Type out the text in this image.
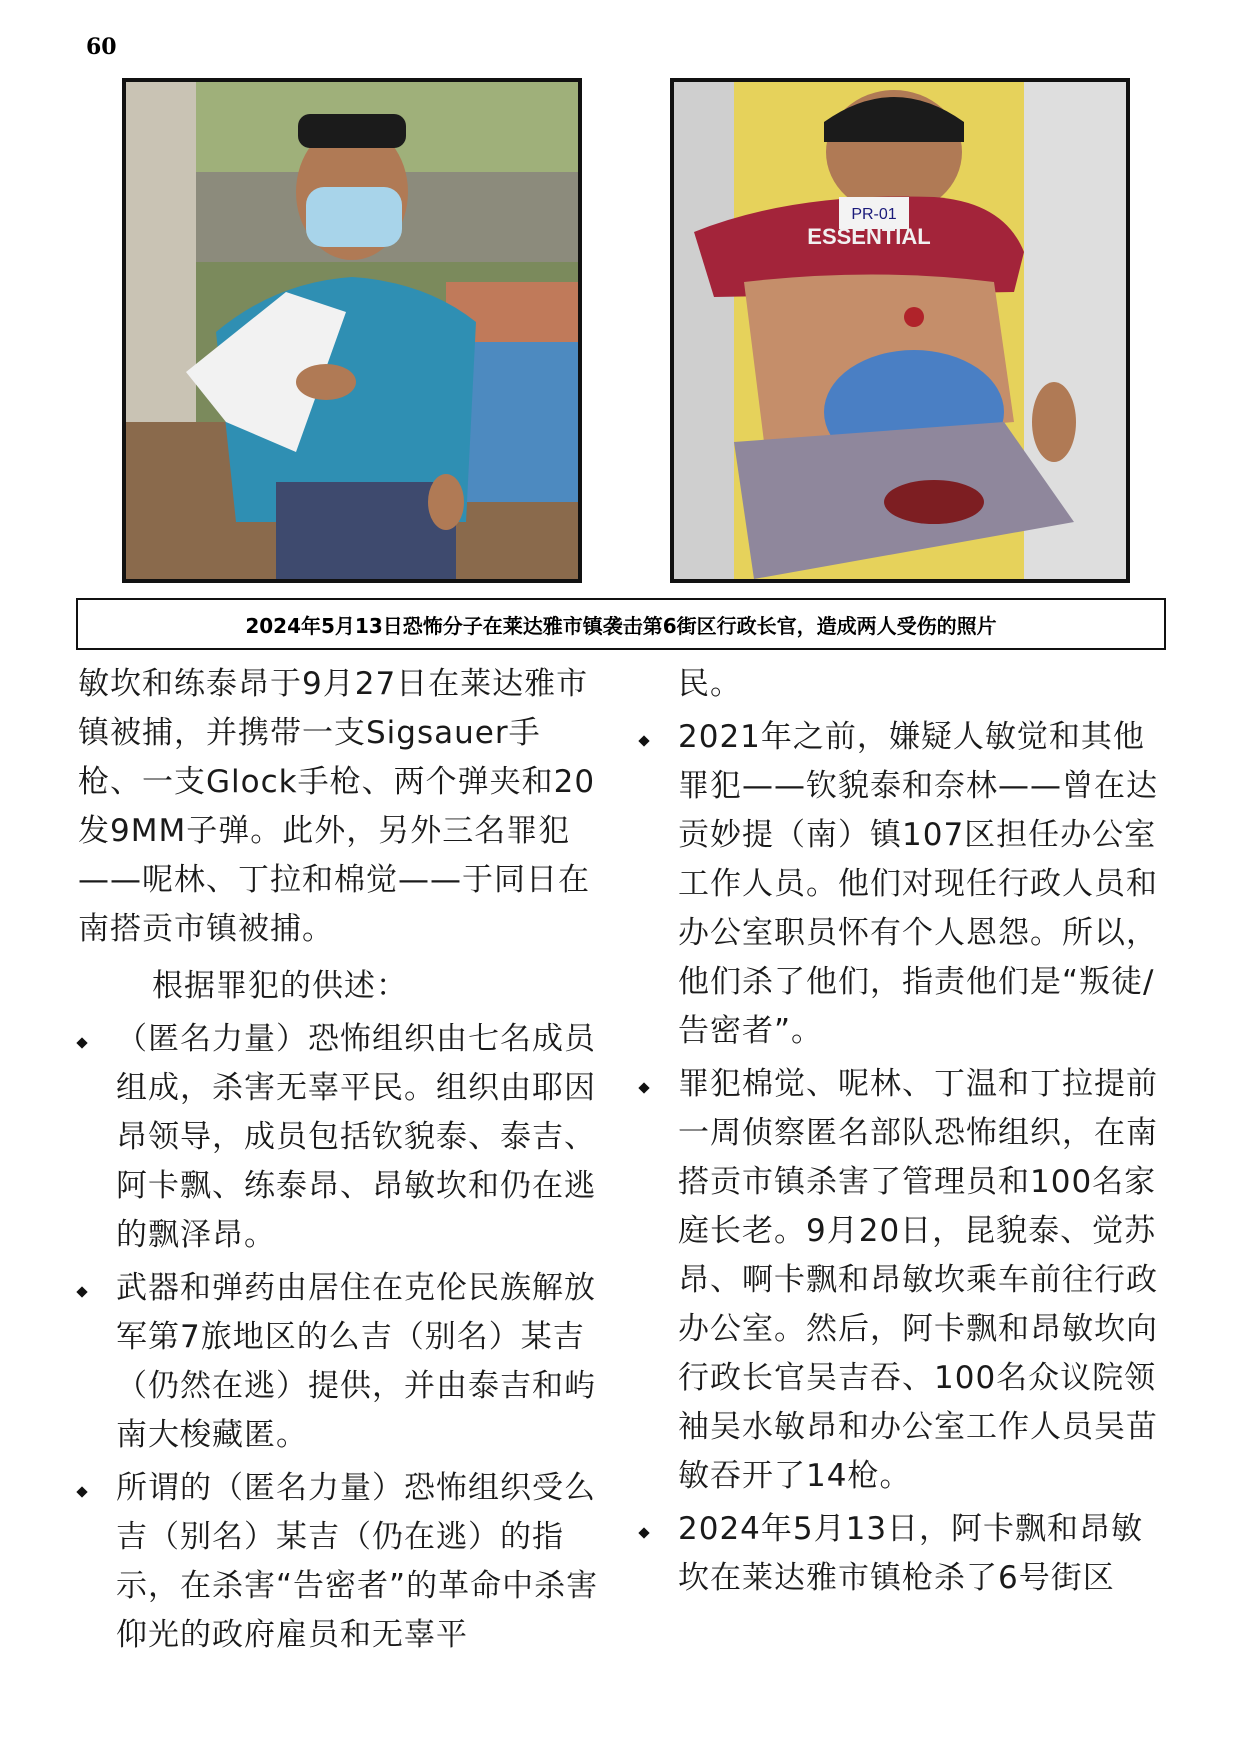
60
PR-01
ESSENTIAL
2024年5月13日恐怖分子在莱达雅市镇袭击第6街区行政长官，造成两人受伤的照片

敏坎和练泰昂于9月27日在莱达雅市镇被捕，并携带一支Sigsauer手枪、一支Glock手枪、两个弹夹和20发9MM子弹。此外，另外三名罪犯——呢林、丁拉和棉觉——于同日在南搭贡市镇被捕。

根据罪犯的供述：

（匿名力量）恐怖组织由七名成员组成，杀害无辜平民。组织由耶因昂领导，成员包括钦貌泰、泰吉、阿卡飘、练泰昂、昂敏坎和仍在逃的飘泽昂。
武器和弹药由居住在克伦民族解放军第7旅地区的么吉（别名）某吉（仍然在逃）提供，并由泰吉和屿南大梭藏匿。
所谓的（匿名力量）恐怖组织受么吉（别名）某吉（仍在逃）的指示，在杀害“告密者”的革命中杀害仰光的政府雇员和无辜平

民。

2021年之前，嫌疑人敏觉和其他罪犯——钦貌泰和奈林——曾在达贡妙提（南）镇107区担任办公室工作人员。他们对现任行政人员和办公室职员怀有个人恩怨。所以，他们杀了他们，指责他们是“叛徒/告密者”。
罪犯棉觉、呢林、丁温和丁拉提前一周侦察匿名部队恐怖组织，在南搭贡市镇杀害了管理员和100名家庭长老。9月20日，昆貌泰、觉苏昂、啊卡飘和昂敏坎乘车前往行政办公室。然后，阿卡飘和昂敏坎向行政长官吴吉吞、100名众议院领袖吴水敏昂和办公室工作人员吴苗敏吞开了14枪。
2024年5月13日，阿卡飘和昂敏坎在莱达雅市镇枪杀了6号街区
